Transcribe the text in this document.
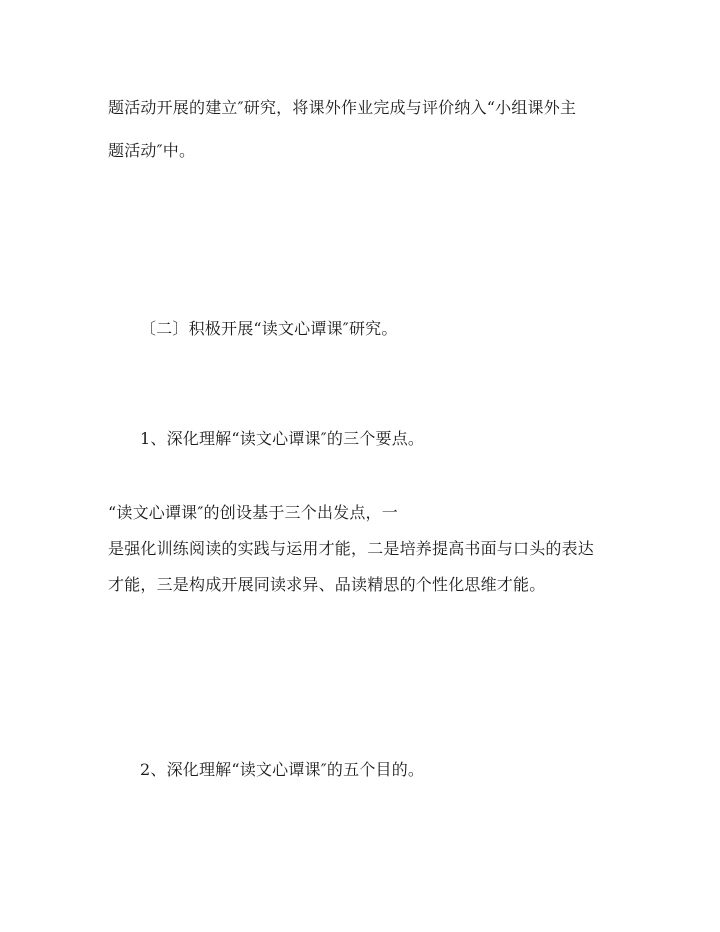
题活动开展的建立″研究，将课外作业完成与评价纳入“小组课外主
题活动″中。
〔二〕积极开展“读文心谭课″研究。
1、深化理解“读文心谭课″的三个要点。
“读文心谭课″的创设基于三个出发点，一
是强化训练阅读的实践与运用才能，二是培养提高书面与口头的表达
才能，三是构成开展同读求异、品读精思的个性化思维才能。
2、深化理解“读文心谭课″的五个目的。
